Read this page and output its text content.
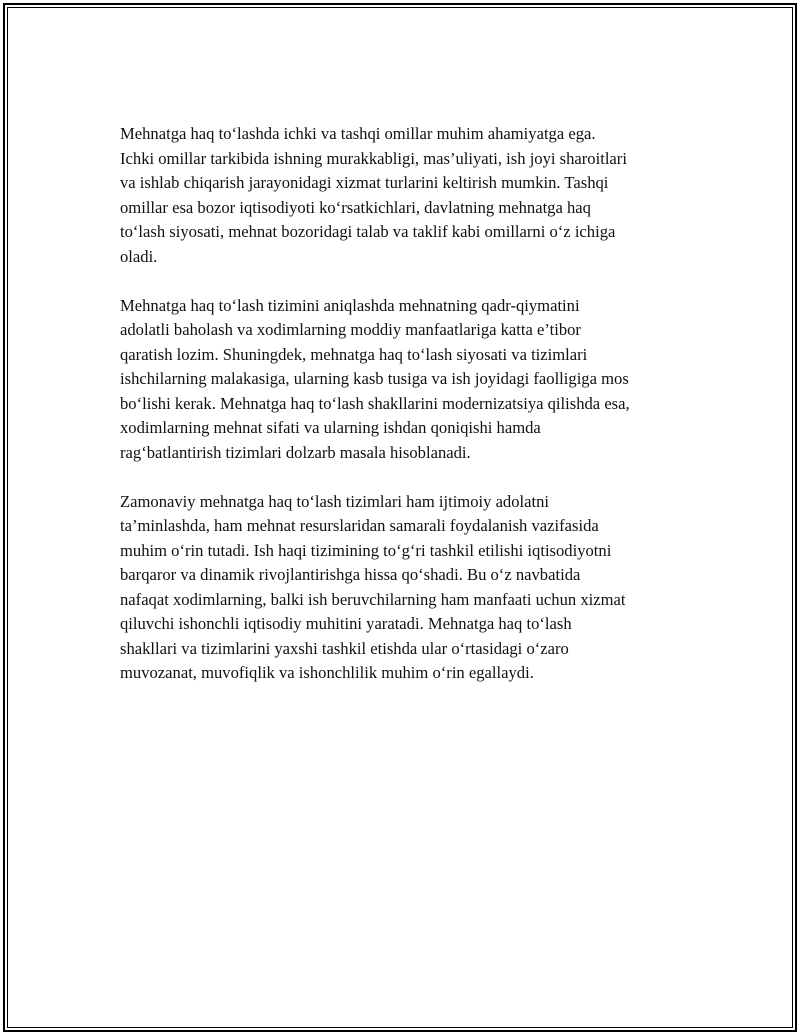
Mehnatga haq to‘lashda ichki va tashqi omillar muhim ahamiyatga ega.
Ichki omillar tarkibida ishning murakkabligi, mas’uliyati, ish joyi sharoitlari
va ishlab chiqarish jarayonidagi xizmat turlarini keltirish mumkin. Tashqi
omillar esa bozor iqtisodiyoti ko‘rsatkichlari, davlatning mehnatga haq
to‘lash siyosati, mehnat bozoridagi talab va taklif kabi omillarni o‘z ichiga
oladi.

Mehnatga haq to‘lash tizimini aniqlashda mehnatning qadr-qiymatini
adolatli baholash va xodimlarning moddiy manfaatlariga katta e’tibor
qaratish lozim. Shuningdek, mehnatga haq to‘lash siyosati va tizimlari
ishchilarning malakasiga, ularning kasb tusiga va ish joyidagi faolligiga mos
bo‘lishi kerak. Mehnatga haq to‘lash shakllarini modernizatsiya qilishda esa,
xodimlarning mehnat sifati va ularning ishdan qoniqishi hamda
rag‘batlantirish tizimlari dolzarb masala hisoblanadi.

Zamonaviy mehnatga haq to‘lash tizimlari ham ijtimoiy adolatni
ta’minlashda, ham mehnat resurslaridan samarali foydalanish vazifasida
muhim o‘rin tutadi. Ish haqi tizimining to‘g‘ri tashkil etilishi iqtisodiyotni
barqaror va dinamik rivojlantirishga hissa qo‘shadi. Bu o‘z navbatida
nafaqat xodimlarning, balki ish beruvchilarning ham manfaati uchun xizmat
qiluvchi ishonchli iqtisodiy muhitini yaratadi. Mehnatga haq to‘lash
shakllari va tizimlarini yaxshi tashkil etishda ular o‘rtasidagi o‘zaro
muvozanat, muvofiqlik va ishonchlilik muhim o‘rin egallaydi.
